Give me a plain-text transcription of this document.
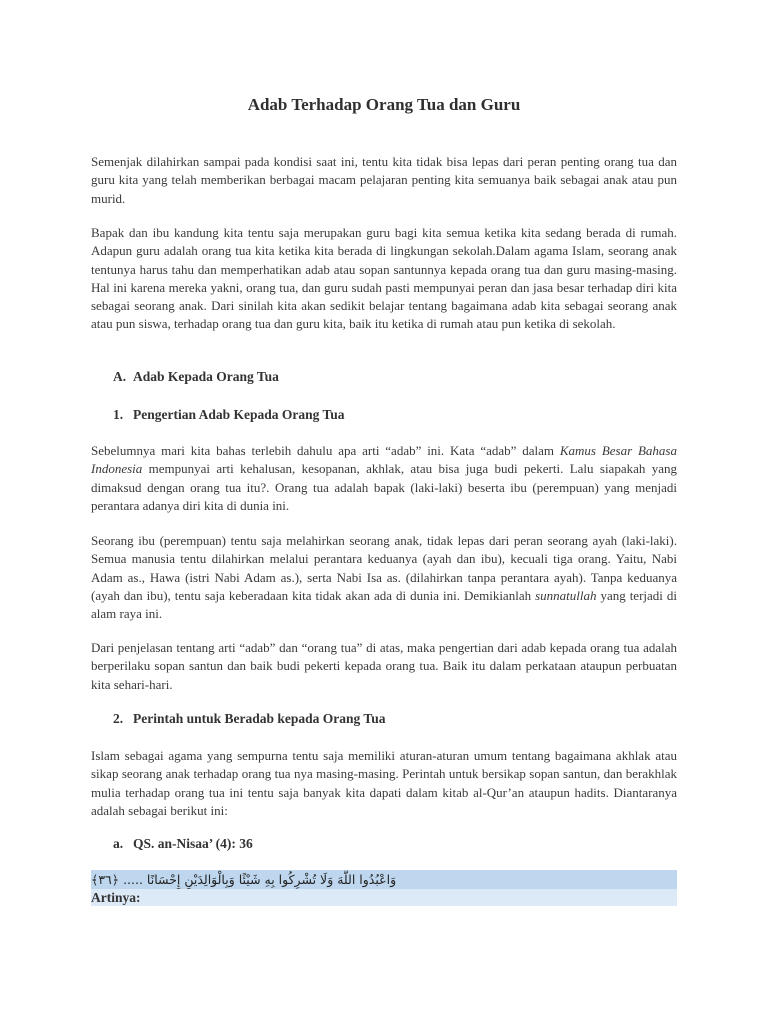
Adab Terhadap Orang Tua dan Guru

Semenjak dilahirkan sampai pada kondisi saat ini, tentu kita tidak bisa lepas dari peran penting orang tua dan guru kita yang telah memberikan berbagai macam pelajaran penting kita semuanya baik sebagai anak atau pun murid.

Bapak dan ibu kandung kita tentu saja merupakan guru bagi kita semua ketika kita sedang berada di rumah. Adapun guru adalah orang tua kita ketika kita berada di lingkungan sekolah.Dalam agama Islam, seorang anak tentunya harus tahu dan memperhatikan adab atau sopan santunnya kepada orang tua dan guru masing-masing. Hal ini karena mereka yakni, orang tua, dan guru sudah pasti mempunyai peran dan jasa besar terhadap diri kita sebagai seorang anak. Dari sinilah kita akan sedikit belajar tentang bagaimana adab kita sebagai seorang anak atau pun siswa, terhadap orang tua dan guru kita, baik itu ketika di rumah atau pun ketika di sekolah.

A. Adab Kepada Orang Tua
1. Pengertian Adab Kepada Orang Tua

Sebelumnya mari kita bahas terlebih dahulu apa arti “adab” ini. Kata “adab” dalam Kamus Besar Bahasa Indonesia mempunyai arti kehalusan, kesopanan, akhlak, atau bisa juga budi pekerti. Lalu siapakah yang dimaksud dengan orang tua itu?. Orang tua adalah bapak (laki-laki) beserta ibu (perempuan) yang menjadi perantara adanya diri kita di dunia ini.

Seorang ibu (perempuan) tentu saja melahirkan seorang anak, tidak lepas dari peran seorang ayah (laki-laki). Semua manusia tentu dilahirkan melalui perantara keduanya (ayah dan ibu), kecuali tiga orang. Yaitu, Nabi Adam as., Hawa (istri Nabi Adam as.), serta Nabi Isa as. (dilahirkan tanpa perantara ayah). Tanpa keduanya (ayah dan ibu), tentu saja keberadaan kita tidak akan ada di dunia ini. Demikianlah sunnatullah yang terjadi di alam raya ini.

Dari penjelasan tentang arti “adab” dan “orang tua” di atas, maka pengertian dari adab kepada orang tua adalah berperilaku sopan santun dan baik budi pekerti kepada orang tua. Baik itu dalam perkataan ataupun perbuatan kita sehari-hari.

2. Perintah untuk Beradab kepada Orang Tua

Islam sebagai agama yang sempurna tentu saja memiliki aturan-aturan umum tentang bagaimana akhlak atau sikap seorang anak terhadap orang tua nya masing-masing. Perintah untuk bersikap sopan santun, dan berakhlak mulia terhadap orang tua ini tentu saja banyak kita dapati dalam kitab al-Qur’an ataupun hadits. Diantaranya adalah sebagai berikut ini:

a. QS. an-Nisaa’ (4): 36
وَاعْبُدُوا اللَّهَ وَلَا تُشْرِكُوا بِهِ شَيْئًا وَبِالْوَالِدَيْنِ إِحْسَانًا ..... ﴿٣٦﴾
Artinya:
